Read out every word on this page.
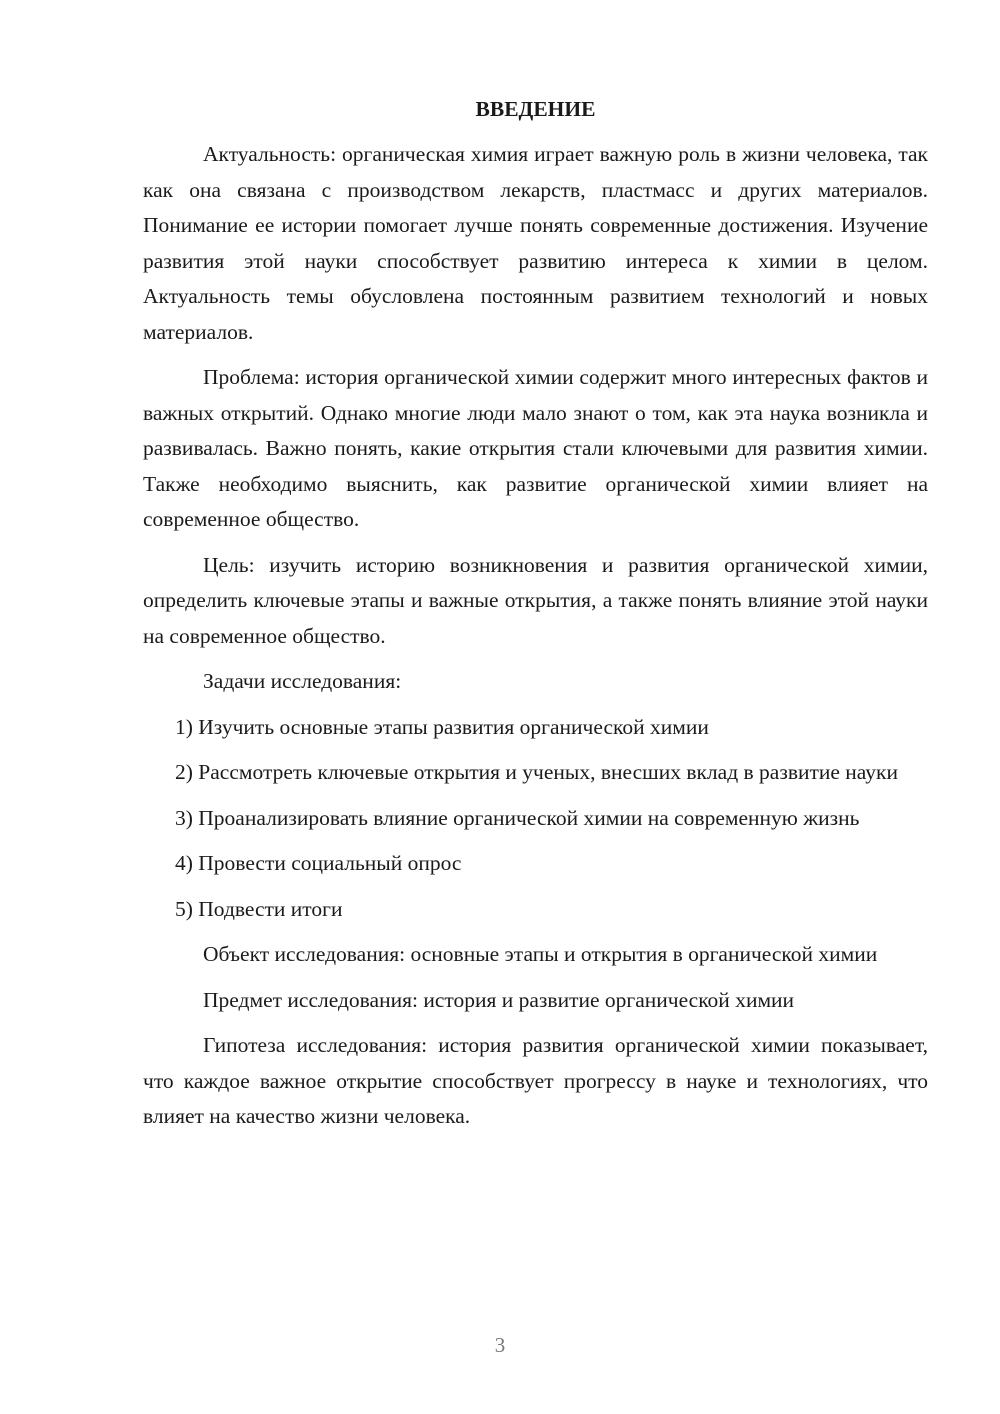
ВВЕДЕНИЕ

Актуальность: органическая химия играет важную роль в жизни человека, так как она связана с производством лекарств, пластмасс и других материалов. Понимание ее истории помогает лучше понять современные достижения. Изучение развития этой науки способствует развитию интереса к химии в целом. Актуальность темы обусловлена постоянным развитием технологий и новых материалов.

Проблема: история органической химии содержит много интересных фактов и важных открытий. Однако многие люди мало знают о том, как эта наука возникла и развивалась. Важно понять, какие открытия стали ключевыми для развития химии. Также необходимо выяснить, как развитие органической химии влияет на современное общество.

Цель: изучить историю возникновения и развития органической химии, определить ключевые этапы и важные открытия, а также понять влияние этой науки на современное общество.

Задачи исследования:

1) Изучить основные этапы развития органической химии

2) Рассмотреть ключевые открытия и ученых, внесших вклад в развитие науки

3) Проанализировать влияние органической химии на современную жизнь

4) Провести социальный опрос

5) Подвести итоги

Объект исследования: основные этапы и открытия в органической химии

Предмет исследования: история и развитие органической химии

Гипотеза исследования: история развития органической химии показывает, что каждое важное открытие способствует прогрессу в науке и технологиях, что влияет на качество жизни человека.

3
